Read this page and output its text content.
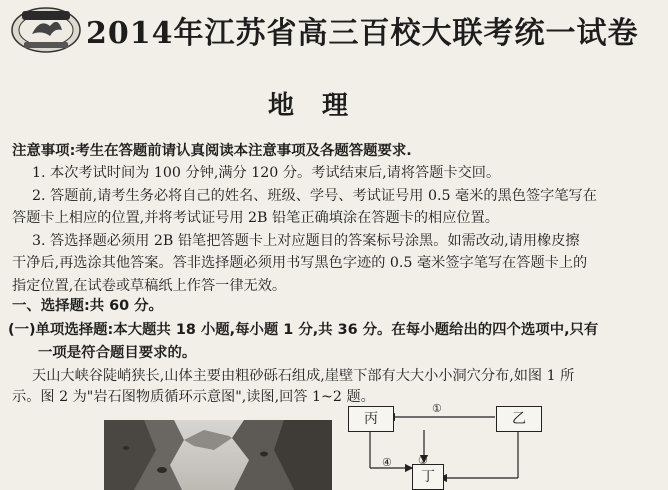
2014年江苏省高三百校大联考统一试卷
地理
注意事项:考生在答题前请认真阅读本注意事项及各题答题要求.
1. 本次考试时间为 100 分钟,满分 120 分。考试结束后,请将答题卡交回。
2. 答题前,请考生务必将自己的姓名、班级、学号、考试证号用 0.5 毫米的黑色签字笔写在
答题卡上相应的位置,并将考试证号用 2B 铅笔正确填涂在答题卡的相应位置。
3. 答选择题必须用 2B 铅笔把答题卡上对应题目的答案标号涂黑。如需改动,请用橡皮擦
干净后,再选涂其他答案。答非选择题必须用书写黑色字迹的 0.5 毫米签字笔写在答题卡上的
指定位置,在试卷或草稿纸上作答一律无效。
一、选择题:共 60 分。
(一)单项选择题:本大题共 18 小题,每小题 1 分,共 36 分。在每小题给出的四个选项中,只有
一项是符合题目要求的。
天山大峡谷陡峭狭长,山体主要由粗砂砾石组成,崖壁下部有大大小小洞穴分布,如图 1 所
示。图 2 为"岩石图物质循环示意图",读图,回答 1~2 题。
丙	乙
丁
①
③
④
